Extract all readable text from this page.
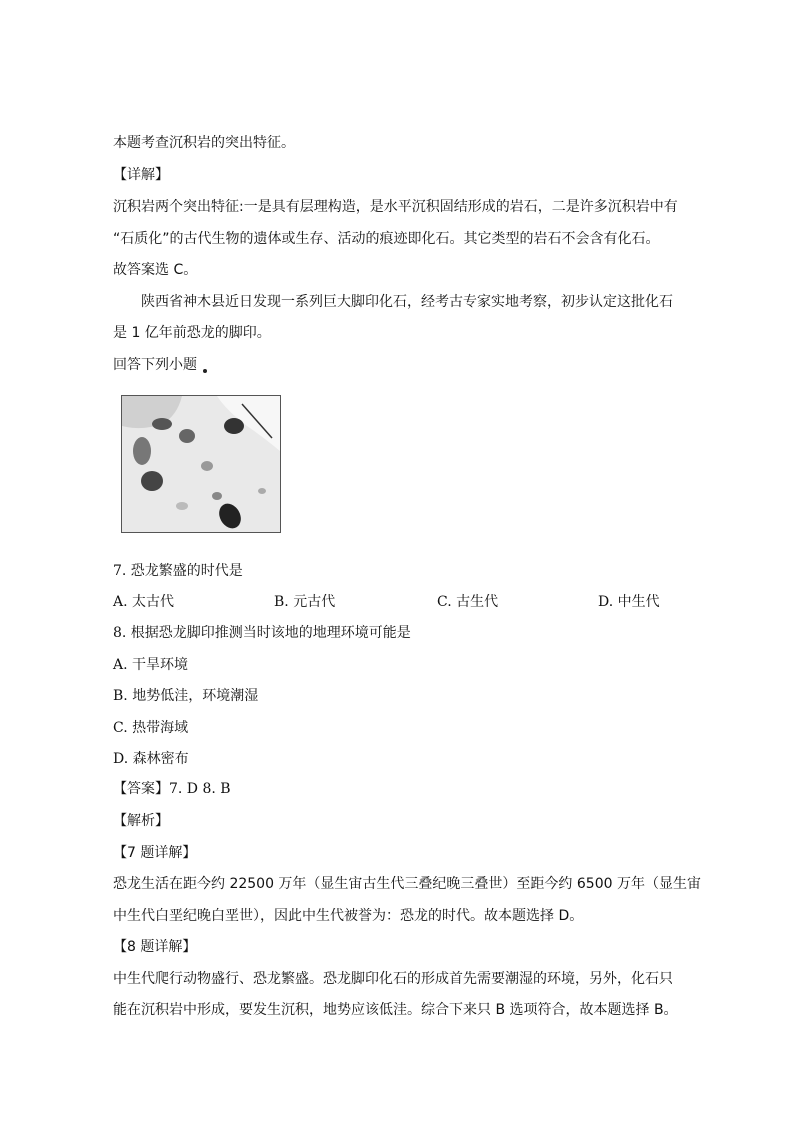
本题考查沉积岩的突出特征。
【详解】
沉积岩两个突出特征:一是具有层理构造，是水平沉积固结形成的岩石，二是许多沉积岩中有
“石质化”的古代生物的遗体或生存、活动的痕迹即化石。其它类型的岩石不会含有化石。
故答案选 C。
陕西省神木县近日发现一系列巨大脚印化石，经考古专家实地考察，初步认定这批化石
是 1 亿年前恐龙的脚印。
回答下列小题
7. 恐龙繁盛的时代是
A. 太古代	B. 元古代	C. 古生代	D. 中生代
8. 根据恐龙脚印推测当时该地的地理环境可能是
A. 干旱环境
B. 地势低洼，环境潮湿
C. 热带海域
D. 森林密布
【答案】7. D 8. B
【解析】
【7 题详解】
恐龙生活在距今约 22500 万年（显生宙古生代三叠纪晚三叠世）至距今约 6500 万年（显生宙
中生代白垩纪晚白垩世），因此中生代被誉为：恐龙的时代。故本题选择 D。
【8 题详解】
中生代爬行动物盛行、恐龙繁盛。恐龙脚印化石的形成首先需要潮湿的环境，另外，化石只
能在沉积岩中形成，要发生沉积，地势应该低洼。综合下来只 B 选项符合，故本题选择 B。
